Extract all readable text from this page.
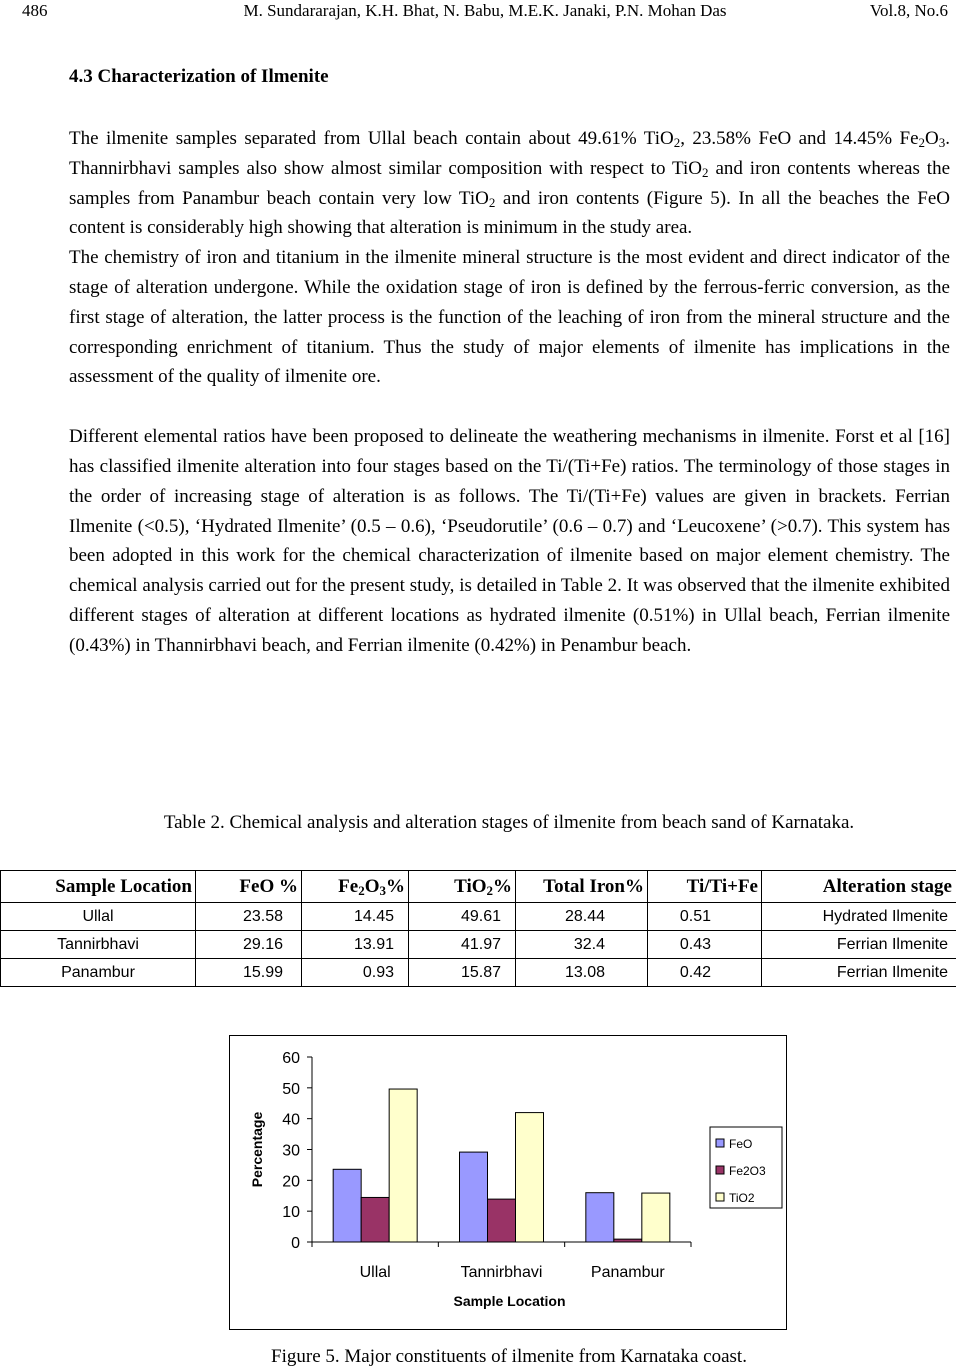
486	M. Sundararajan, K.H. Bhat, N. Babu, M.E.K. Janaki, P.N. Mohan Das	Vol.8, No.6
4.3 Characterization of Ilmenite

The ilmenite samples separated from Ullal beach contain about 49.61% TiO$_2$, 23.58% FeO and 14.45% $Fe_2O_3$. Thannirbhavi samples also show almost similar composition with respect to TiO$_2$ and iron contents whereas the samples from Panambur beach contain very low TiO$_2$ and iron contents (Figure 5). In all the beaches the FeO content is considerably high showing that alteration is minimum in the study area.

The chemistry of iron and titanium in the ilmenite mineral structure is the most evident and direct indicator of the stage of alteration undergone. While the oxidation stage of iron is defined by the ferrous-ferric conversion, as the first stage of alteration, the latter process is the function of the leaching of iron from the mineral structure and the corresponding enrichment of titanium. Thus the study of major elements of ilmenite has implications in the assessment of the quality of ilmenite ore.

Different elemental ratios have been proposed to delineate the weathering mechanisms in ilmenite. Forst et al [16] has classified ilmenite alteration into four stages based on the Ti/(Ti+Fe) ratios. The terminology of those stages in the order of increasing stage of alteration is as follows. The Ti/(Ti+Fe) values are given in brackets. Ferrian Ilmenite (<0.5), ‘Hydrated Ilmenite’ (0.5 – 0.6), ‘Pseudorutile’ (0.6 – 0.7) and ‘Leucoxene’ (>0.7). This system has been adopted in this work for the chemical characterization of ilmenite based on major element chemistry. The chemical analysis carried out for the present study, is detailed in Table 2. It was observed that the ilmenite exhibited different stages of alteration at different locations as hydrated ilmenite (0.51%) in Ullal beach, Ferrian ilmenite (0.43%) in Thannirbhavi beach, and Ferrian ilmenite (0.42%) in Penambur beach.

Table 2. Chemical analysis and alteration stages of ilmenite from beach sand of Karnataka.
Sample Location	FeO %	$Fe_2O_3\%$	TiO$_2$%	Total Iron%	Ti/Ti+Fe	Alteration stage
Ullal	23.58	14.45	49.61	28.44	0.51	Hydrated Ilmenite
Tannirbhavi	29.16	13.91	41.97	32.4	0.43	Ferrian Ilmenite
Panambur	15.99	0.93	15.87	13.08	0.42	Ferrian Ilmenite
0
10
20
30
40
50
60
Ullal	Tannirbhavi	Panambur
Sample Location
Percentage	FeO
Fe2O3
TiO2
Figure 5. Major constituents of ilmenite from Karnataka coast.
